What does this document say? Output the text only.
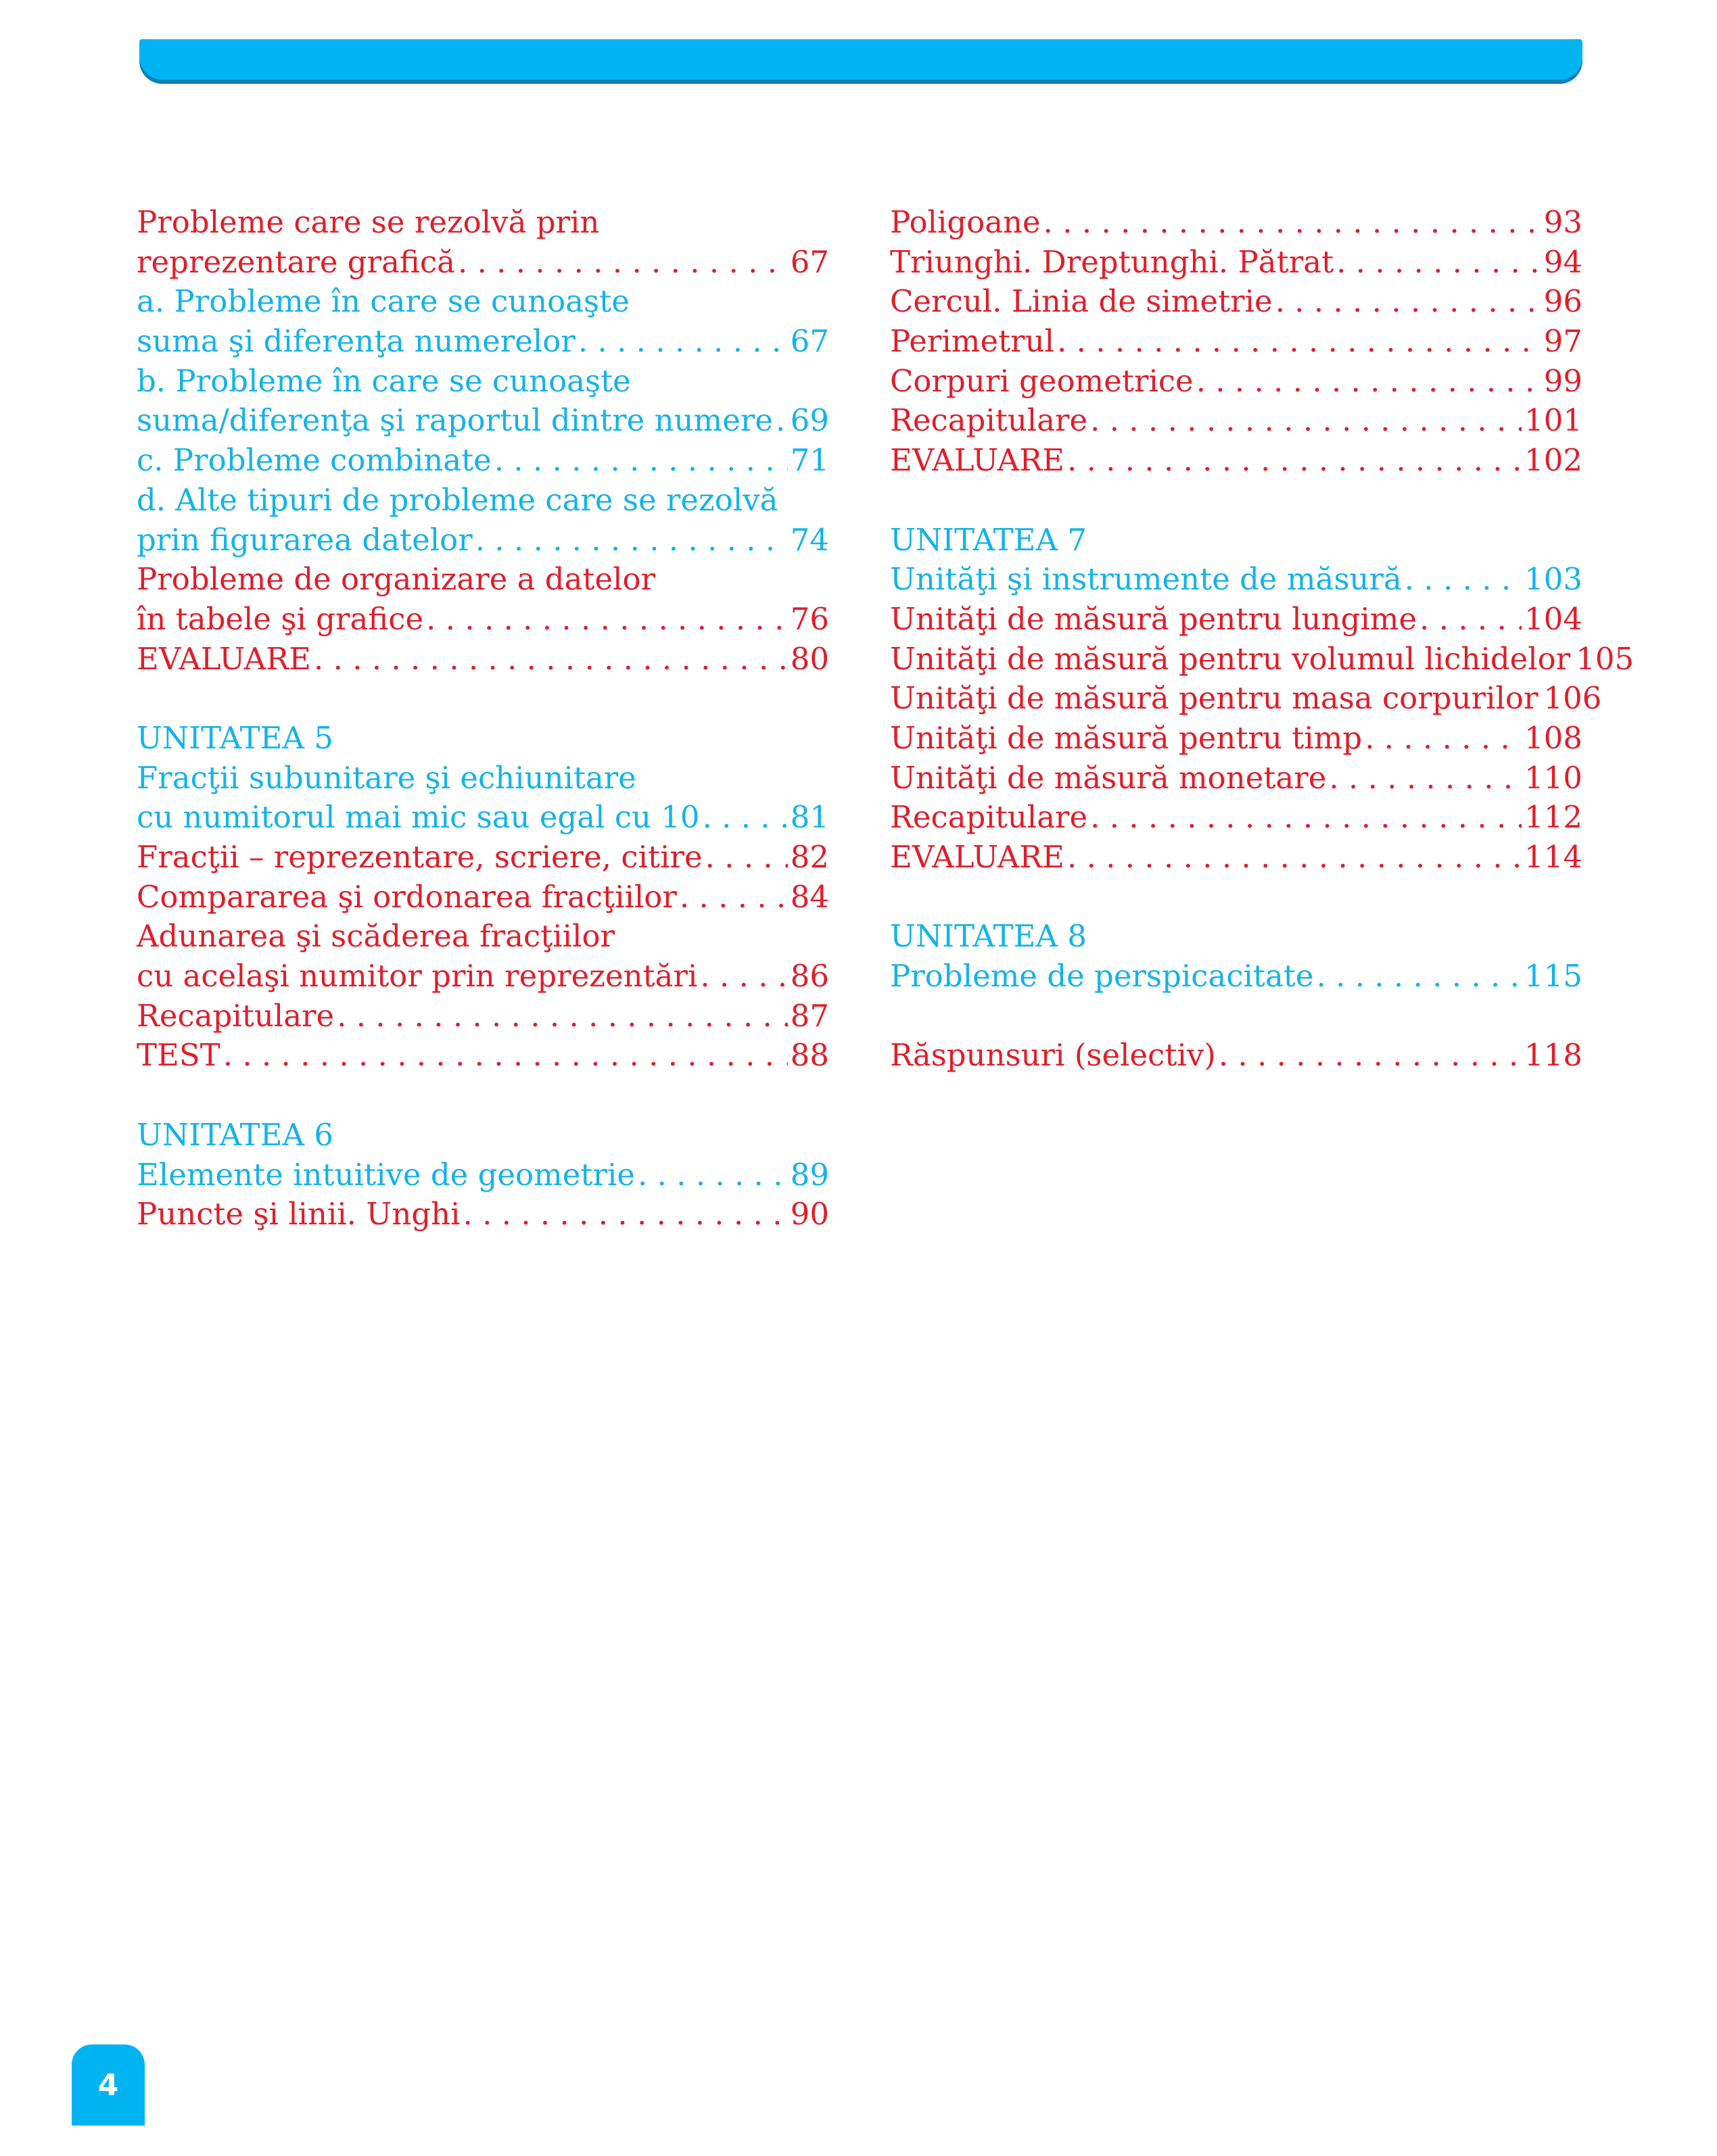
Probleme care se rezolvă prin
reprezentare grafică . . .	67
a. Probleme în care se cunoaşte
suma şi diferenţa numerelor . . .	67
b. Probleme în care se cunoaşte
suma/diferenţa şi raportul dintre numere . . . 69
c. Probleme combinate . . .	71
d. Alte tipuri de probleme care se rezolvă
prin figurarea datelor . . .	74
Probleme de organizare a datelor
în tabele şi grafice . . .	76
EVALUARE . . .	80
UNITATEA 5
Fracţii subunitare şi echiunitare
cu numitorul mai mic sau egal cu 10 . . .	81
Fracţii – reprezentare, scriere, citire . . .	82
Compararea şi ordonarea fracţiilor . . .	84
Adunarea şi scăderea fracţiilor
cu acelaşi numitor prin reprezentări . . .	86
Recapitulare . . .	87
TEST . . .	88
UNITATEA 6
Elemente intuitive de geometrie . . .	89
Puncte şi linii. Unghi . . .	90
Poligoane . . .	93
Triunghi. Dreptunghi. Pătrat . . .	94
Cercul. Linia de simetrie . . .	96
Perimetrul . . .	97
Corpuri geometrice . . .	99
Recapitulare . . .	101
EVALUARE . . .	102
UNITATEA 7
Unităţi şi instrumente de măsură . . .	103
Unităţi de măsură pentru lungime . . .	104
Unităţi de măsură pentru volumul lichidelor 105
Unităţi de măsură pentru masa corpurilor 106
Unităţi de măsură pentru timp . . .	108
Unităţi de măsură monetare . . .	110
Recapitulare . . .	112
EVALUARE . . .	114
UNITATEA 8
Probleme de perspicacitate . . .	115
Răspunsuri (selectiv) . . .	118
4
